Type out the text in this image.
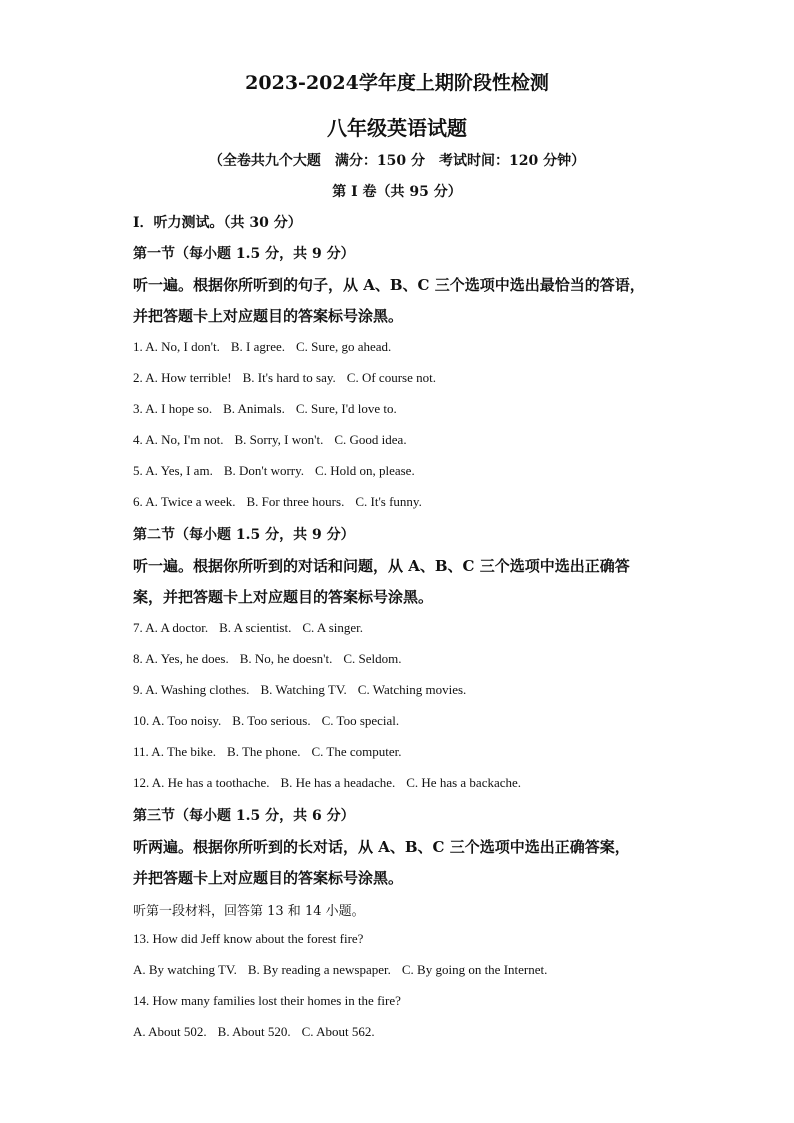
2023-2024学年度上期阶段性检测
八年级英语试题
（全卷共九个大题　满分：150 分　考试时间：120 分钟）
第 I 卷（共 95 分）
Ⅰ．听力测试。（共 30 分）
第一节（每小题 1.5 分，共 9 分）
听一遍。根据你所听到的句子，从 A、B、C 三个选项中选出最恰当的答语，
并把答题卡上对应题目的答案标号涂黑。
1. A. No, I don't. B. I agree. C. Sure, go ahead.
2. A. How terrible! B. It's hard to say. C. Of course not.
3. A. I hope so. B. Animals. C. Sure, I'd love to.
4. A. No, I'm not. B. Sorry, I won't. C. Good idea.
5. A. Yes, I am. B. Don't worry. C. Hold on, please.
6. A. Twice a week. B. For three hours. C. It's funny.
第二节（每小题 1.5 分，共 9 分）
听一遍。根据你所听到的对话和问题，从 A、B、C 三个选项中选出正确答
案，并把答题卡上对应题目的答案标号涂黑。
7. A. A doctor. B. A scientist. C. A singer.
8. A. Yes, he does. B. No, he doesn't. C. Seldom.
9. A. Washing clothes. B. Watching TV. C. Watching movies.
10. A. Too noisy. B. Too serious. C. Too special.
11. A. The bike. B. The phone. C. The computer.
12. A. He has a toothache. B. He has a headache. C. He has a backache.
第三节（每小题 1.5 分，共 6 分）
听两遍。根据你所听到的长对话，从 A、B、C 三个选项中选出正确答案，
并把答题卡上对应题目的答案标号涂黑。
听第一段材料，回答第 13 和 14 小题。
13. How did Jeff know about the forest fire?
A. By watching TV. B. By reading a newspaper. C. By going on the Internet.
14. How many families lost their homes in the fire?
A. About 502. B. About 520. C. About 562.
